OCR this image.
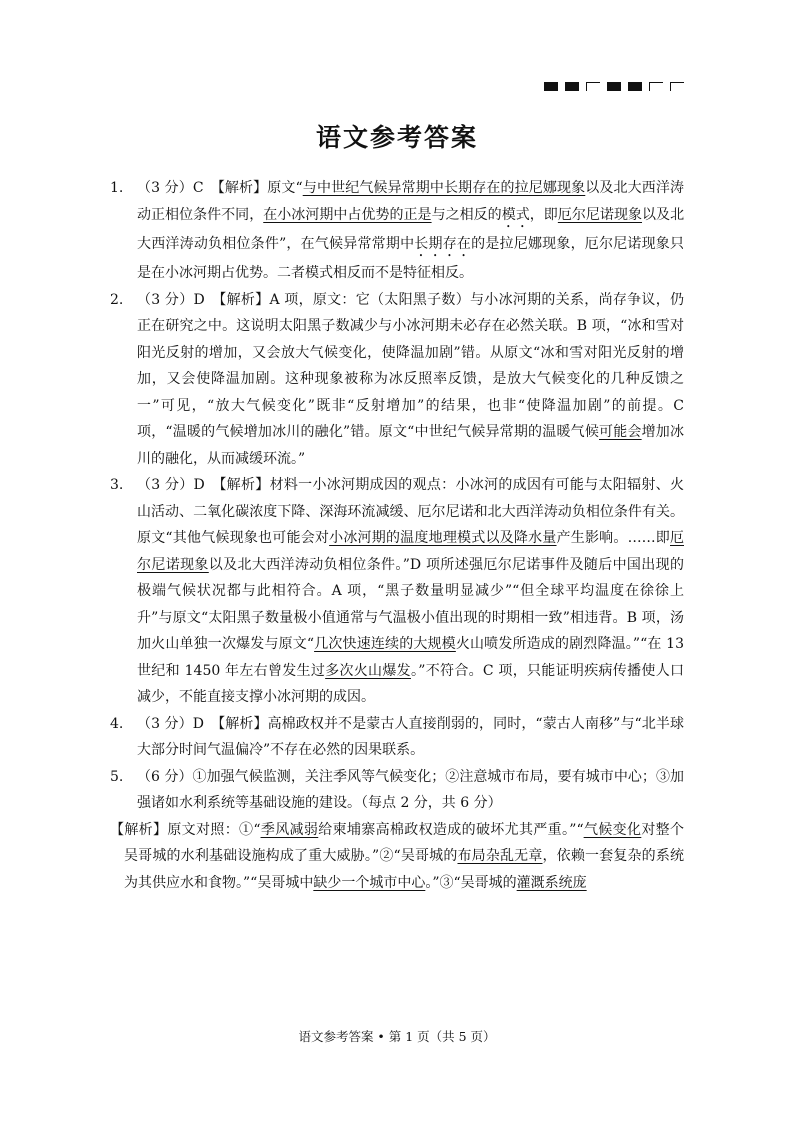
语文参考答案

1. （3 分）C　【解析】原文“与中世纪气候异常期中长期存在的拉尼娜现象以及北大西洋涛动正相位条件不同，在小冰河期中占优势的正是与之相反的模式，即厄尔尼诺现象以及北大西洋涛动负相位条件”，在气候异常常期中长期存在的是拉尼娜现象，厄尔尼诺现象只是在小冰河期占优势。二者模式相反而不是特征相反。

2. （3 分）D　【解析】A 项，原文：它（太阳黑子数）与小冰河期的关系，尚存争议，仍正在研究之中。这说明太阳黑子数减少与小冰河期未必存在必然关联。B 项，“冰和雪对阳光反射的增加，又会放大气候变化，使降温加剧”错。从原文“冰和雪对阳光反射的增加，又会使降温加剧。这种现象被称为冰反照率反馈，是放大气候变化的几种反馈之一”可见，“放大气候变化”既非“反射增加”的结果，也非“使降温加剧”的前提。C 项，“温暖的气候增加冰川的融化”错。原文“中世纪气候异常期的温暖气候可能会增加冰川的融化，从而减缓环流。”

3. （3 分）D　【解析】材料一小冰河期成因的观点：小冰河的成因有可能与太阳辐射、火山活动、二氧化碳浓度下降、深海环流减缓、厄尔尼诺和北大西洋涛动负相位条件有关。原文“其他气候现象也可能会对小冰河期的温度地理模式以及降水量产生影响。……即厄尔尼诺现象以及北大西洋涛动负相位条件。”D 项所述强厄尔尼诺事件及随后中国出现的极端气候状况都与此相符合。A 项，“黑子数量明显减少”“但全球平均温度在徐徐上升”与原文“太阳黑子数量极小值通常与气温极小值出现的时期相一致”相违背。B 项，汤加火山单独一次爆发与原文“几次快速连续的大规模火山喷发所造成的剧烈降温。”“在 13 世纪和 1450 年左右曾发生过多次火山爆发。”不符合。C 项，只能证明疾病传播使人口减少，不能直接支撑小冰河期的成因。

4. （3 分）D　【解析】高棉政权并不是蒙古人直接削弱的，同时，“蒙古人南移”与“北半球大部分时间气温偏冷”不存在必然的因果联系。

5. （6 分）①加强气候监测，关注季风等气候变化；②注意城市布局，要有城市中心；③加强诸如水利系统等基础设施的建设。（每点 2 分，共 6 分）

【解析】原文对照：①“季风减弱给柬埔寨高棉政权造成的破坏尤其严重。”“气候变化对整个吴哥城的水利基础设施构成了重大威胁。”②“吴哥城的布局杂乱无章，依赖一套复杂的系统为其供应水和食物。”“吴哥城中缺少一个城市中心。”③“吴哥城的灌溉系统庞

语文参考答案 • 第 1 页（共 5 页）
